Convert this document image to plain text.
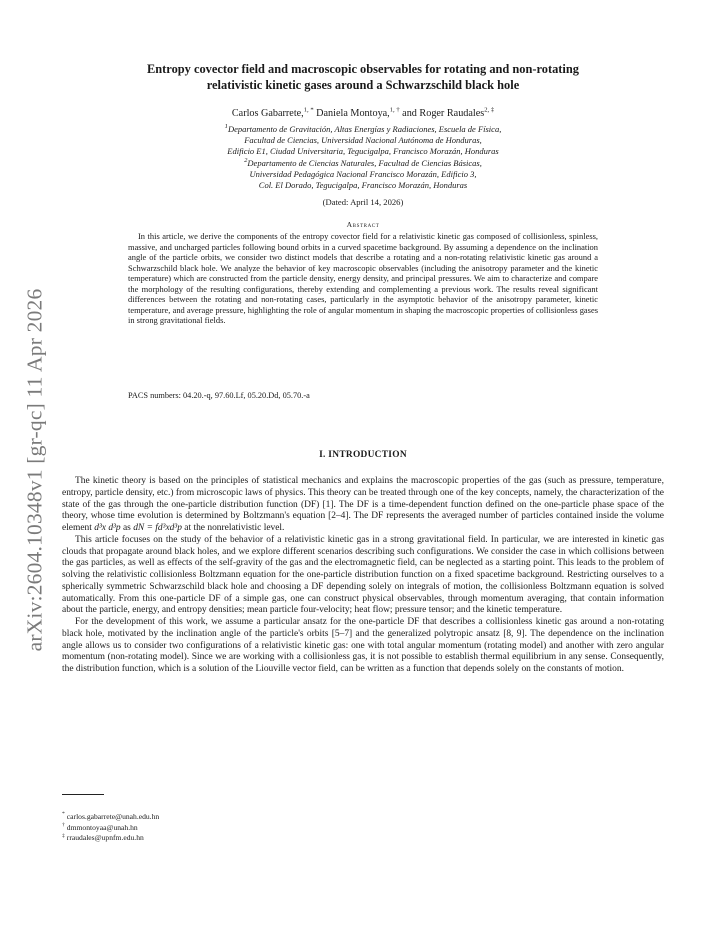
arXiv:2604.10348v1 [gr-qc] 11 Apr 2026
Entropy covector field and macroscopic observables for rotating and non-rotating
relativistic kinetic gases around a Schwarzschild black hole
Carlos Gabarrete,$^{1, *}$ Daniela Montoya,$^{1, \dagger}$ and Roger Raudales$^{2, \ddagger}$
$^1$Departamento de Gravitación, Altas Energías y Radiaciones, Escuela de Física,
Facultad de Ciencias, Universidad Nacional Autónoma de Honduras,
Edificio E1, Ciudad Universitaria, Tegucigalpa, Francisco Morazán, Honduras
$^2$Departamento de Ciencias Naturales, Facultad de Ciencias Básicas,
Universidad Pedagógica Nacional Francisco Morazán, Edificio 3,
Col. El Dorado, Tegucigalpa, Francisco Morazán, Honduras
(Dated: April 14, 2026)
Abstract
In this article, we derive the components of the entropy covector field for a relativistic kinetic gas composed of collisionless, spinless, massive, and uncharged particles following bound orbits in a curved spacetime background. By assuming a dependence on the inclination angle of the particle orbits, we consider two distinct models that describe a rotating and a non-rotating relativistic kinetic gas around a Schwarzschild black hole. We analyze the behavior of key macroscopic observables (including the anisotropy parameter and the kinetic temperature) which are constructed from the particle density, energy density, and principal pressures. We aim to characterize and compare the morphology of the resulting configurations, thereby extending and complementing a previous work. The results reveal significant differences between the rotating and non-rotating cases, particularly in the asymptotic behavior of the anisotropy parameter, kinetic temperature, and average pressure, highlighting the role of angular momentum in shaping the macroscopic properties of collisionless gases in strong gravitational fields.
PACS numbers: 04.20.-q, 97.60.Lf, 05.20.Dd, 05.70.-a
I. INTRODUCTION

The kinetic theory is based on the principles of statistical mechanics and explains the macroscopic properties of the gas (such as pressure, temperature, entropy, particle density, etc.) from microscopic laws of physics. This theory can be treated through one of the key concepts, namely, the characterization of the state of the gas through the one-particle distribution function (DF) [1]. The DF is a time-dependent function defined on the one-particle phase space of the theory, whose time evolution is determined by Boltzmann's equation [2–4]. The DF represents the averaged number of particles contained inside the volume element d³x d³p as dN = fd³xd³p at the nonrelativistic level.

This article focuses on the study of the behavior of a relativistic kinetic gas in a strong gravitational field. In particular, we are interested in kinetic gas clouds that propagate around black holes, and we explore different scenarios describing such configurations. We consider the case in which collisions between the gas particles, as well as effects of the self-gravity of the gas and the electromagnetic field, can be neglected as a starting point. This leads to the problem of solving the relativistic collisionless Boltzmann equation for the one-particle distribution function on a fixed spacetime background. Restricting ourselves to a spherically symmetric Schwarzschild black hole and choosing a DF depending solely on integrals of motion, the collisionless Boltzmann equation is solved automatically. From this one-particle DF of a simple gas, one can construct physical observables, through momentum averaging, that contain information about the particle, energy, and entropy densities; mean particle four-velocity; heat flow; pressure tensor; and the kinetic temperature.

For the development of this work, we assume a particular ansatz for the one-particle DF that describes a collisionless kinetic gas around a non-rotating black hole, motivated by the inclination angle of the particle's orbits [5–7] and the generalized polytropic ansatz [8, 9]. The dependence on the inclination angle allows us to consider two configurations of a relativistic kinetic gas: one with total angular momentum (rotating model) and another with zero angular momentum (non-rotating model). Since we are working with a collisionless gas, it is not possible to establish thermal equilibrium in any sense. Consequently, the distribution function, which is a solution of the Liouville vector field, can be written as a function that depends solely on the constants of motion.

* carlos.gabarrete@unah.edu.hn
† dmmontoyaa@unah.hn
‡ rraudales@upnfm.edu.hn
